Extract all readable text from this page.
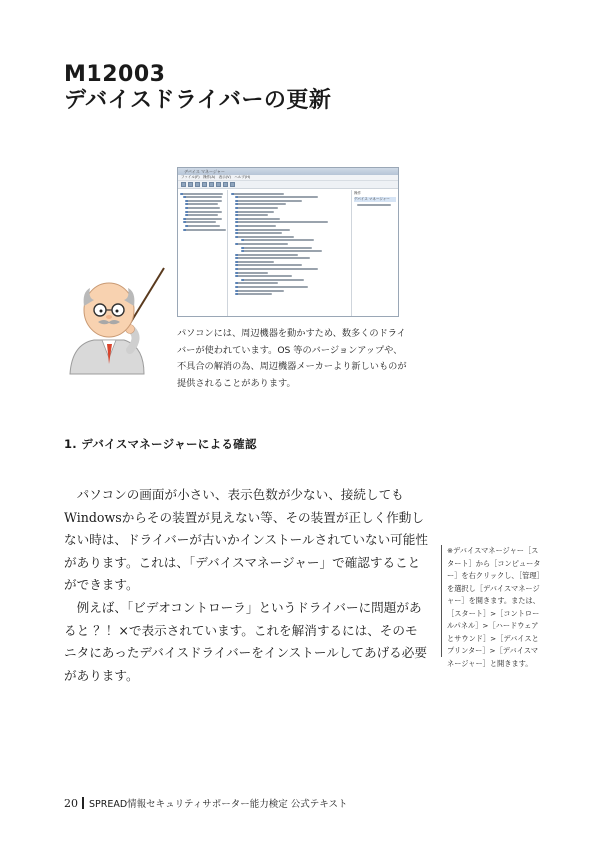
M12003
デバイスドライバーの更新
デバイス マネージャー
ファイル(F)　操作(A)　表示(V)　ヘルプ(H)
操作
デバイス マネージャー
パソコンには、周辺機器を動かすため、数多くのドライバーが使われています。OS 等のバージョンアップや、不具合の解消の為、周辺機器メーカーより新しいものが提供されることがあります。
1. デバイスマネージャーによる確認

パソコンの画面が小さい、表示色数が少ない、接続してもWindowsからその装置が見えない等、その装置が正しく作動しない時は、ドライバーが古いかインストールされていない可能性があります。これは、「デバイスマネージャー」で確認することができます。

例えば、「ビデオコントローラ」というドライバーに問題があると ？！×で表示されています。これを解消するには、そのモニタにあったデバイスドライバーをインストールしてあげる必要があります。

※デバイスマネージャー［スタート］から［コンピューター］を右クリックし、［管理］を選択し［デバイスマネージャー］を開きます。または、［スタート］>［コントロールパネル］>［ハードウェアとサウンド］>［デバイスとプリンター］>［デバイスマネージャー］と開きます。
20 SPREAD情報セキュリティサポーター能力検定 公式テキスト
